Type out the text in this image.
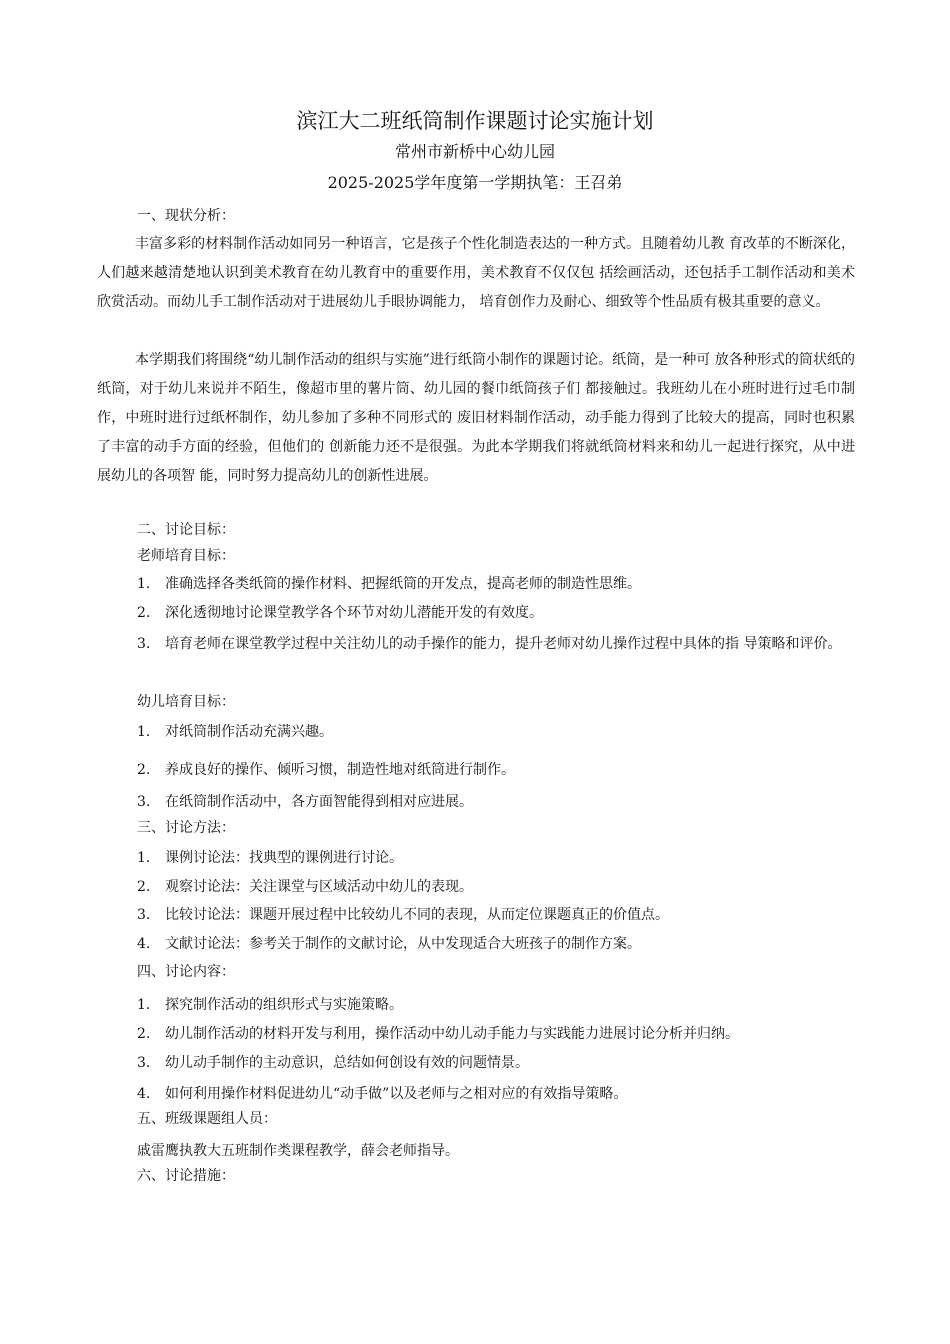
滨江大二班纸筒制作课题讨论实施计划
常州市新桥中心幼儿园
2025-2025学年度第一学期执笔：王召弟
一、现状分析：

丰富多彩的材料制作活动如同另一种语言，它是孩子个性化制造表达的一种方式。且随着幼儿教 育改革的不断深化，人们越来越清楚地认识到美术教育在幼儿教育中的重要作用，美术教育不仅仅包 括绘画活动，还包括手工制作活动和美术欣赏活动。而幼儿手工制作活动对于进展幼儿手眼协调能力， 培育创作力及耐心、细致等个性品质有极其重要的意义。

本学期我们将围绕“幼儿制作活动的组织与实施”进行纸筒小制作的课题讨论。纸筒，是一种可 放各种形式的筒状纸的纸筒，对于幼儿来说并不陌生，像超市里的薯片筒、幼儿园的餐巾纸筒孩子们 都接触过。我班幼儿在小班时进行过毛巾制作，中班时进行过纸杯制作，幼儿参加了多种不同形式的 废旧材料制作活动，动手能力得到了比较大的提高，同时也积累了丰富的动手方面的经验，但他们的 创新能力还不是很强。为此本学期我们将就纸筒材料来和幼儿一起进行探究，从中进展幼儿的各项智 能，同时努力提高幼儿的创新性进展。

二、讨论目标：
老师培育目标：
1. 准确选择各类纸筒的操作材料、把握纸筒的开发点，提高老师的制造性思维。
2. 深化透彻地讨论课堂教学各个环节对幼儿潜能开发的有效度。
3. 培育老师在课堂教学过程中关注幼儿的动手操作的能力，提升老师对幼儿操作过程中具体的指 导策略和评价。
幼儿培育目标：
1. 对纸筒制作活动充满兴趣。
2. 养成良好的操作、倾听习惯，制造性地对纸筒进行制作。
3. 在纸筒制作活动中，各方面智能得到相对应进展。
三、讨论方法：
1. 课例讨论法：找典型的课例进行讨论。
2. 观察讨论法：关注课堂与区域活动中幼儿的表现。
3. 比较讨论法：课题开展过程中比较幼儿不同的表现，从而定位课题真正的价值点。
4. 文献讨论法：参考关于制作的文献讨论，从中发现适合大班孩子的制作方案。
四、讨论内容：
1. 探究制作活动的组织形式与实施策略。
2. 幼儿制作活动的材料开发与利用，操作活动中幼儿动手能力与实践能力进展讨论分析并归纳。
3. 幼儿动手制作的主动意识，总结如何创设有效的问题情景。
4. 如何利用操作材料促进幼儿“动手做”以及老师与之相对应的有效指导策略。
五、班级课题组人员：
戚雷鹰执教大五班制作类课程教学，薛会老师指导。
六、讨论措施：
